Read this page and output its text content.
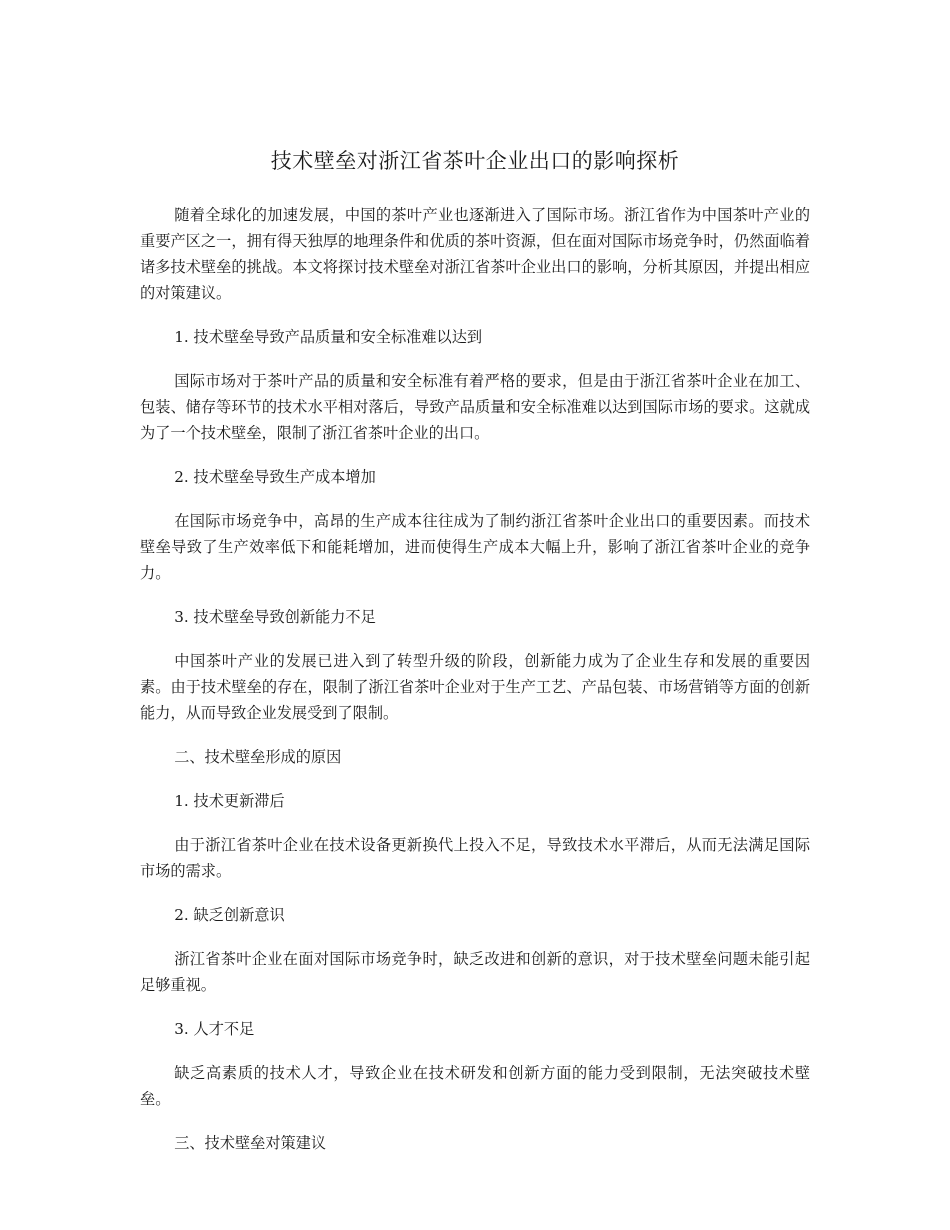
技术壁垒对浙江省茶叶企业出口的影响探析

随着全球化的加速发展，中国的茶叶产业也逐渐进入了国际市场。浙江省作为中国茶叶产业的重要产区之一，拥有得天独厚的地理条件和优质的茶叶资源，但在面对国际市场竞争时，仍然面临着诸多技术壁垒的挑战。本文将探讨技术壁垒对浙江省茶叶企业出口的影响，分析其原因，并提出相应的对策建议。

1. 技术壁垒导致产品质量和安全标准难以达到

国际市场对于茶叶产品的质量和安全标准有着严格的要求，但是由于浙江省茶叶企业在加工、包装、储存等环节的技术水平相对落后，导致产品质量和安全标准难以达到国际市场的要求。这就成为了一个技术壁垒，限制了浙江省茶叶企业的出口。

2. 技术壁垒导致生产成本增加

在国际市场竞争中，高昂的生产成本往往成为了制约浙江省茶叶企业出口的重要因素。而技术壁垒导致了生产效率低下和能耗增加，进而使得生产成本大幅上升，影响了浙江省茶叶企业的竞争力。

3. 技术壁垒导致创新能力不足

中国茶叶产业的发展已进入到了转型升级的阶段，创新能力成为了企业生存和发展的重要因素。由于技术壁垒的存在，限制了浙江省茶叶企业对于生产工艺、产品包装、市场营销等方面的创新能力，从而导致企业发展受到了限制。

二、技术壁垒形成的原因

1. 技术更新滞后

由于浙江省茶叶企业在技术设备更新换代上投入不足，导致技术水平滞后，从而无法满足国际市场的需求。

2. 缺乏创新意识

浙江省茶叶企业在面对国际市场竞争时，缺乏改进和创新的意识，对于技术壁垒问题未能引起足够重视。

3. 人才不足

缺乏高素质的技术人才，导致企业在技术研发和创新方面的能力受到限制，无法突破技术壁垒。

三、技术壁垒对策建议
